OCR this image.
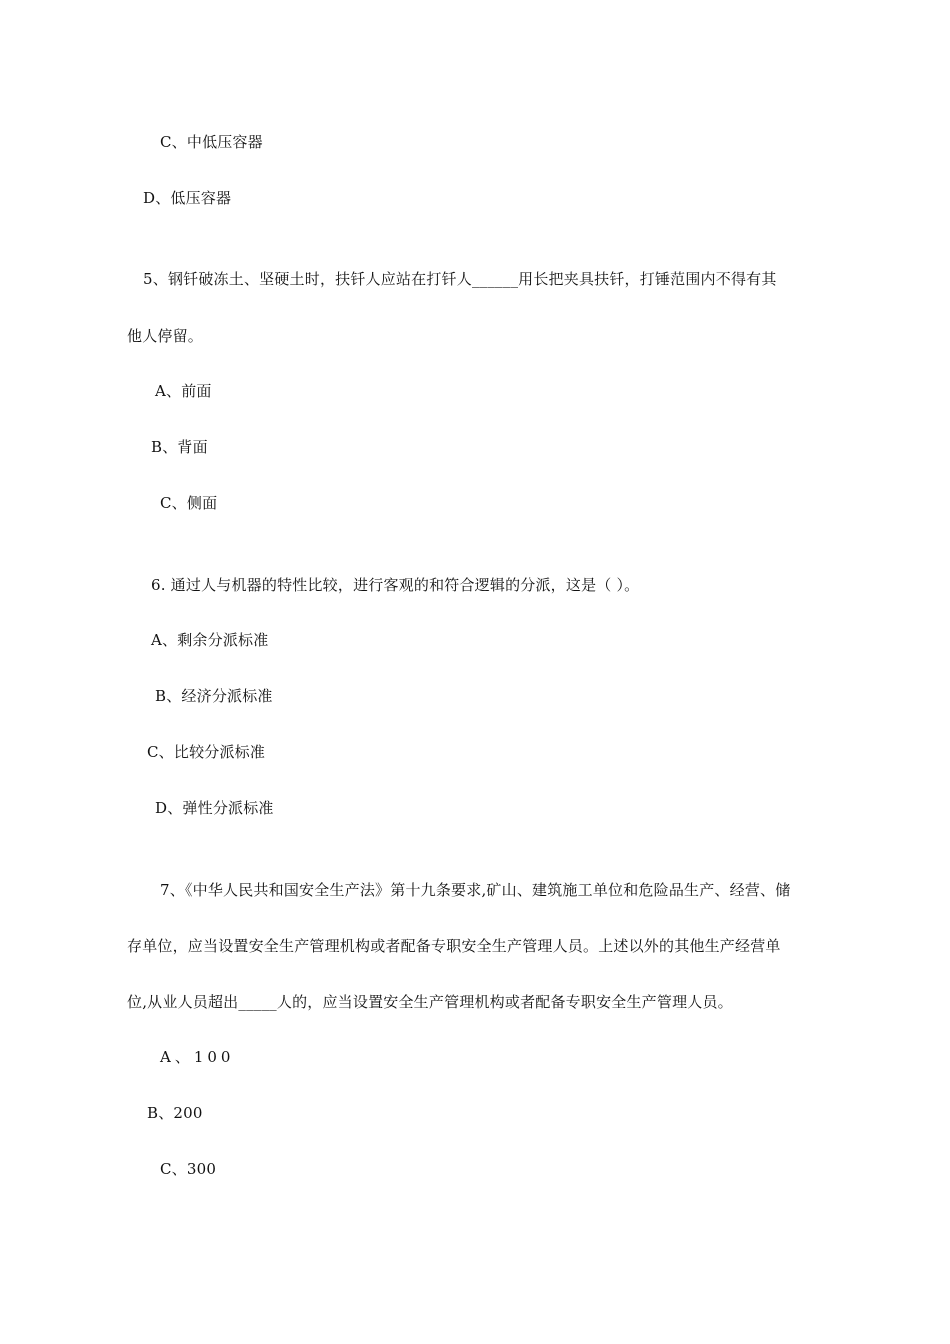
C、中低压容器
D、低压容器
5、钢钎破冻土、坚硬土时，扶钎人应站在打钎人______用长把夹具扶钎，打锤范围内不得有其
他人停留。
A、前面
B、背面
C、侧面
6. 通过人与机器的特性比较，进行客观的和符合逻辑的分派，这是（ ）。
A、剩余分派标准
B、经济分派标准
C、比较分派标准
D、弹性分派标准
7、《中华人民共和国安全生产法》第十九条要求,矿山、建筑施工单位和危险品生产、经营、储
存单位，应当设置安全生产管理机构或者配备专职安全生产管理人员。上述以外的其他生产经营单
位,从业人员超出_____人的，应当设置安全生产管理机构或者配备专职安全生产管理人员。
A、100
B、200
C、300
